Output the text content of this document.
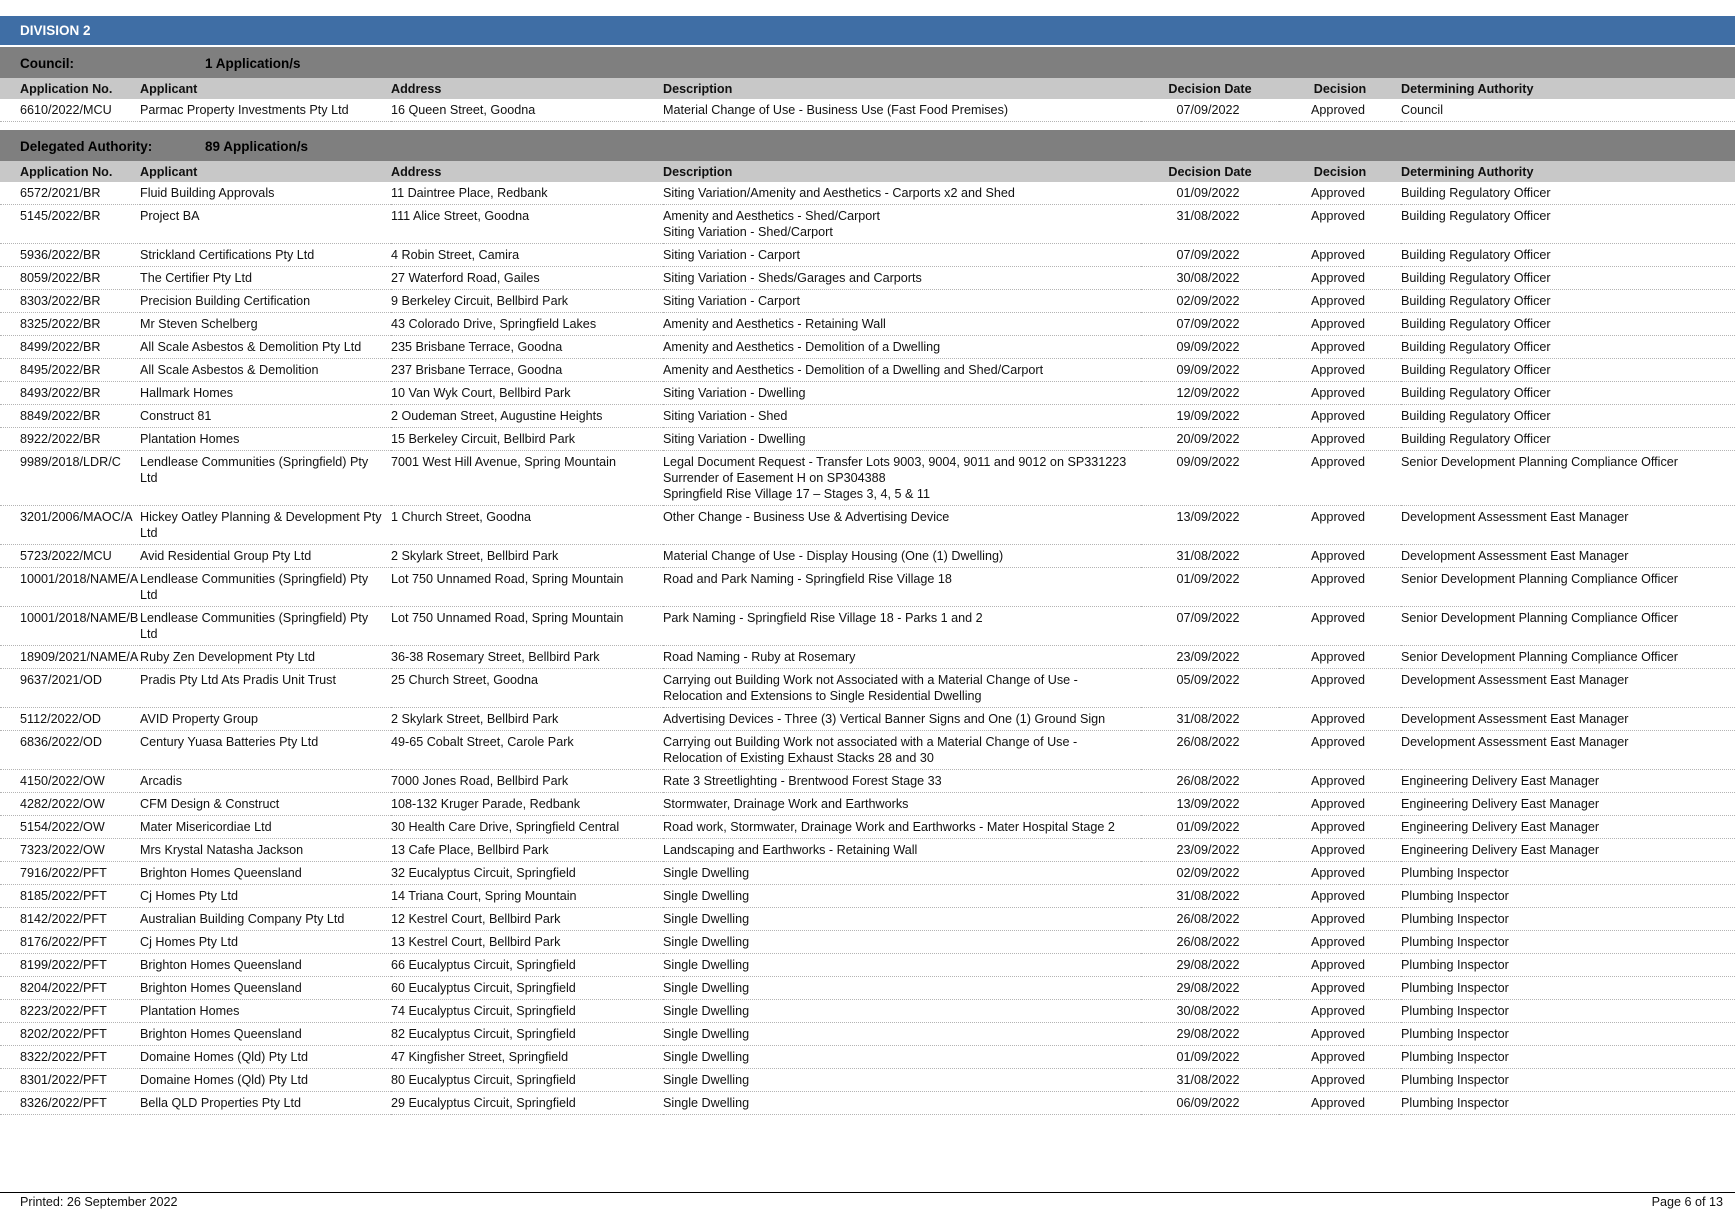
DIVISION 2
Council:	1 Application/s
Application No.	Applicant	Address	Description	Decision Date	Decision	Determining Authority

6610/2022/MCU	Parmac Property Investments Pty Ltd	16 Queen Street, Goodna	Material Change of Use - Business Use (Fast Food Premises)	07/09/2022	Approved	Council
Delegated Authority:	89 Application/s
Application No.	Applicant	Address	Description	Decision Date	Decision	Determining Authority

6572/2021/BR	Fluid Building Approvals	11 Daintree Place, Redbank	Siting Variation/Amenity and Aesthetics - Carports x2 and Shed	01/09/2022	Approved	Building Regulatory Officer

5145/2022/BR	Project BA	111 Alice Street, Goodna	Amenity and Aesthetics - Shed/Carport
Siting Variation - Shed/Carport	31/08/2022	Approved	Building Regulatory Officer

5936/2022/BR	Strickland Certifications Pty Ltd	4 Robin Street, Camira	Siting Variation - Carport	07/09/2022	Approved	Building Regulatory Officer

8059/2022/BR	The Certifier Pty Ltd	27 Waterford Road, Gailes	Siting Variation - Sheds/Garages and Carports	30/08/2022	Approved	Building Regulatory Officer

8303/2022/BR	Precision Building Certification	9 Berkeley Circuit, Bellbird Park	Siting Variation - Carport	02/09/2022	Approved	Building Regulatory Officer

8325/2022/BR	Mr Steven Schelberg	43 Colorado Drive, Springfield Lakes	Amenity and Aesthetics - Retaining Wall	07/09/2022	Approved	Building Regulatory Officer

8499/2022/BR	All Scale Asbestos & Demolition Pty Ltd	235 Brisbane Terrace, Goodna	Amenity and Aesthetics - Demolition of a Dwelling	09/09/2022	Approved	Building Regulatory Officer

8495/2022/BR	All Scale Asbestos & Demolition	237 Brisbane Terrace, Goodna	Amenity and Aesthetics - Demolition of a Dwelling and Shed/Carport	09/09/2022	Approved	Building Regulatory Officer

8493/2022/BR	Hallmark Homes	10 Van Wyk Court, Bellbird Park	Siting Variation - Dwelling	12/09/2022	Approved	Building Regulatory Officer

8849/2022/BR	Construct 81	2 Oudeman Street, Augustine Heights	Siting Variation - Shed	19/09/2022	Approved	Building Regulatory Officer

8922/2022/BR	Plantation Homes	15 Berkeley Circuit, Bellbird Park	Siting Variation - Dwelling	20/09/2022	Approved	Building Regulatory Officer

9989/2018/LDR/C	Lendlease Communities (Springfield) Pty Ltd	7001 West Hill Avenue, Spring Mountain	Legal Document Request - Transfer Lots 9003, 9004, 9011 and 9012 on SP331223
Surrender of Easement H on SP304388
Springfield Rise Village 17 – Stages 3, 4, 5 & 11	09/09/2022	Approved	Senior Development Planning Compliance Officer

3201/2006/MAOC/A	Hickey Oatley Planning & Development Pty Ltd	1 Church Street, Goodna	Other Change - Business Use & Advertising Device	13/09/2022	Approved	Development Assessment East Manager

5723/2022/MCU	Avid Residential Group Pty Ltd	2 Skylark Street, Bellbird Park	Material Change of Use - Display Housing (One (1) Dwelling)	31/08/2022	Approved	Development Assessment East Manager

10001/2018/NAME/A	Lendlease Communities (Springfield) Pty Ltd	Lot 750 Unnamed Road, Spring Mountain	Road and Park Naming - Springfield Rise Village 18	01/09/2022	Approved	Senior Development Planning Compliance Officer

10001/2018/NAME/B	Lendlease Communities (Springfield) Pty Ltd	Lot 750 Unnamed Road, Spring Mountain	Park Naming - Springfield Rise Village 18 - Parks 1 and 2	07/09/2022	Approved	Senior Development Planning Compliance Officer

18909/2021/NAME/A	Ruby Zen Development Pty Ltd	36-38 Rosemary Street, Bellbird Park	Road Naming - Ruby at Rosemary	23/09/2022	Approved	Senior Development Planning Compliance Officer

9637/2021/OD	Pradis Pty Ltd Ats Pradis Unit Trust	25 Church Street, Goodna	Carrying out Building Work not Associated with a Material Change of Use - Relocation and Extensions to Single Residential Dwelling	05/09/2022	Approved	Development Assessment East Manager

5112/2022/OD	AVID Property Group	2 Skylark Street, Bellbird Park	Advertising Devices - Three (3) Vertical Banner Signs and One (1) Ground Sign	31/08/2022	Approved	Development Assessment East Manager

6836/2022/OD	Century Yuasa Batteries Pty Ltd	49-65 Cobalt Street, Carole Park	Carrying out Building Work not associated with a Material Change of Use - Relocation of Existing Exhaust Stacks 28 and 30	26/08/2022	Approved	Development Assessment East Manager

4150/2022/OW	Arcadis	7000 Jones Road, Bellbird Park	Rate 3 Streetlighting - Brentwood Forest Stage 33	26/08/2022	Approved	Engineering Delivery East Manager

4282/2022/OW	CFM Design & Construct	108-132 Kruger Parade, Redbank	Stormwater, Drainage Work and Earthworks	13/09/2022	Approved	Engineering Delivery East Manager

5154/2022/OW	Mater Misericordiae Ltd	30 Health Care Drive, Springfield Central	Road work, Stormwater, Drainage Work and Earthworks - Mater Hospital Stage 2	01/09/2022	Approved	Engineering Delivery East Manager

7323/2022/OW	Mrs Krystal Natasha Jackson	13 Cafe Place, Bellbird Park	Landscaping and Earthworks - Retaining Wall	23/09/2022	Approved	Engineering Delivery East Manager

7916/2022/PFT	Brighton Homes Queensland	32 Eucalyptus Circuit, Springfield	Single Dwelling	02/09/2022	Approved	Plumbing Inspector

8185/2022/PFT	Cj Homes Pty Ltd	14 Triana Court, Spring Mountain	Single Dwelling	31/08/2022	Approved	Plumbing Inspector

8142/2022/PFT	Australian Building Company Pty Ltd	12 Kestrel Court, Bellbird Park	Single Dwelling	26/08/2022	Approved	Plumbing Inspector

8176/2022/PFT	Cj Homes Pty Ltd	13 Kestrel Court, Bellbird Park	Single Dwelling	26/08/2022	Approved	Plumbing Inspector

8199/2022/PFT	Brighton Homes Queensland	66 Eucalyptus Circuit, Springfield	Single Dwelling	29/08/2022	Approved	Plumbing Inspector

8204/2022/PFT	Brighton Homes Queensland	60 Eucalyptus Circuit, Springfield	Single Dwelling	29/08/2022	Approved	Plumbing Inspector

8223/2022/PFT	Plantation Homes	74 Eucalyptus Circuit, Springfield	Single Dwelling	30/08/2022	Approved	Plumbing Inspector

8202/2022/PFT	Brighton Homes Queensland	82 Eucalyptus Circuit, Springfield	Single Dwelling	29/08/2022	Approved	Plumbing Inspector

8322/2022/PFT	Domaine Homes (Qld) Pty Ltd	47 Kingfisher Street, Springfield	Single Dwelling	01/09/2022	Approved	Plumbing Inspector

8301/2022/PFT	Domaine Homes (Qld) Pty Ltd	80 Eucalyptus Circuit, Springfield	Single Dwelling	31/08/2022	Approved	Plumbing Inspector

8326/2022/PFT	Bella QLD Properties Pty Ltd	29 Eucalyptus Circuit, Springfield	Single Dwelling	06/09/2022	Approved	Plumbing Inspector
Printed: 26 September 2022	Page 6 of 13
